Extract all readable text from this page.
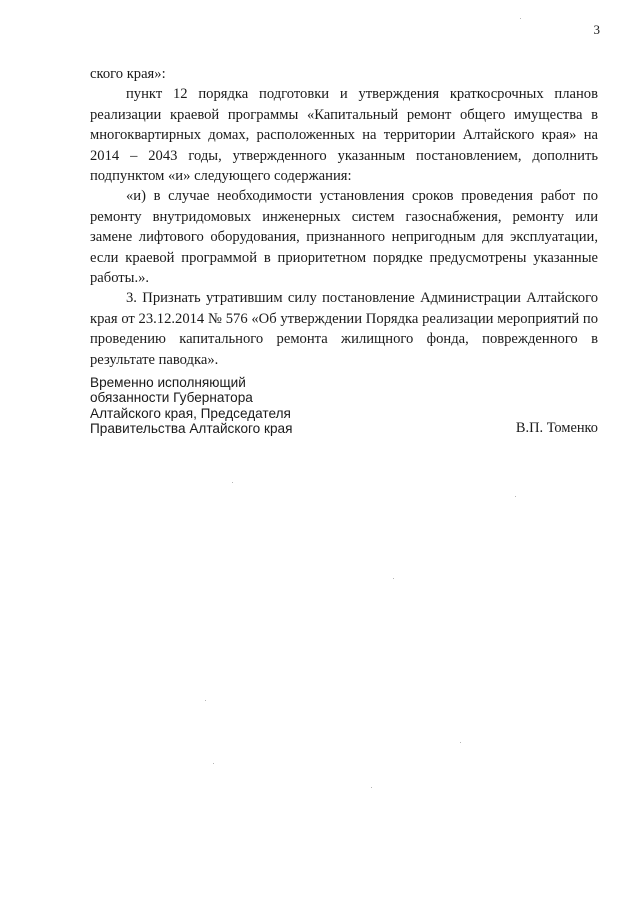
3

ского края»:

пункт 12 порядка подготовки и утверждения краткосрочных планов реализации краевой программы «Капитальный ремонт общего имущества в многоквартирных домах, расположенных на территории Алтайского края» на 2014 – 2043 годы, утвержденного указанным постановлением, дополнить подпунктом «и» следующего содержания:

«и) в случае необходимости установления сроков проведения работ по ремонту внутридомовых инженерных систем газоснабжения, ремонту или замене лифтового оборудования, признанного непригодным для эксплуатации, если краевой программой в приоритетном порядке предусмотрены указанные работы.».

3. Признать утратившим силу постановление Администрации Алтайского края от 23.12.2014 № 576 «Об утверждении Порядка реализации мероприятий по проведению капитального ремонта жилищного фонда, поврежденного в результате паводка».

Временно исполняющий
обязанности Губернатора
Алтайского края, Председателя
Правительства Алтайского края	В.П. Томенко
